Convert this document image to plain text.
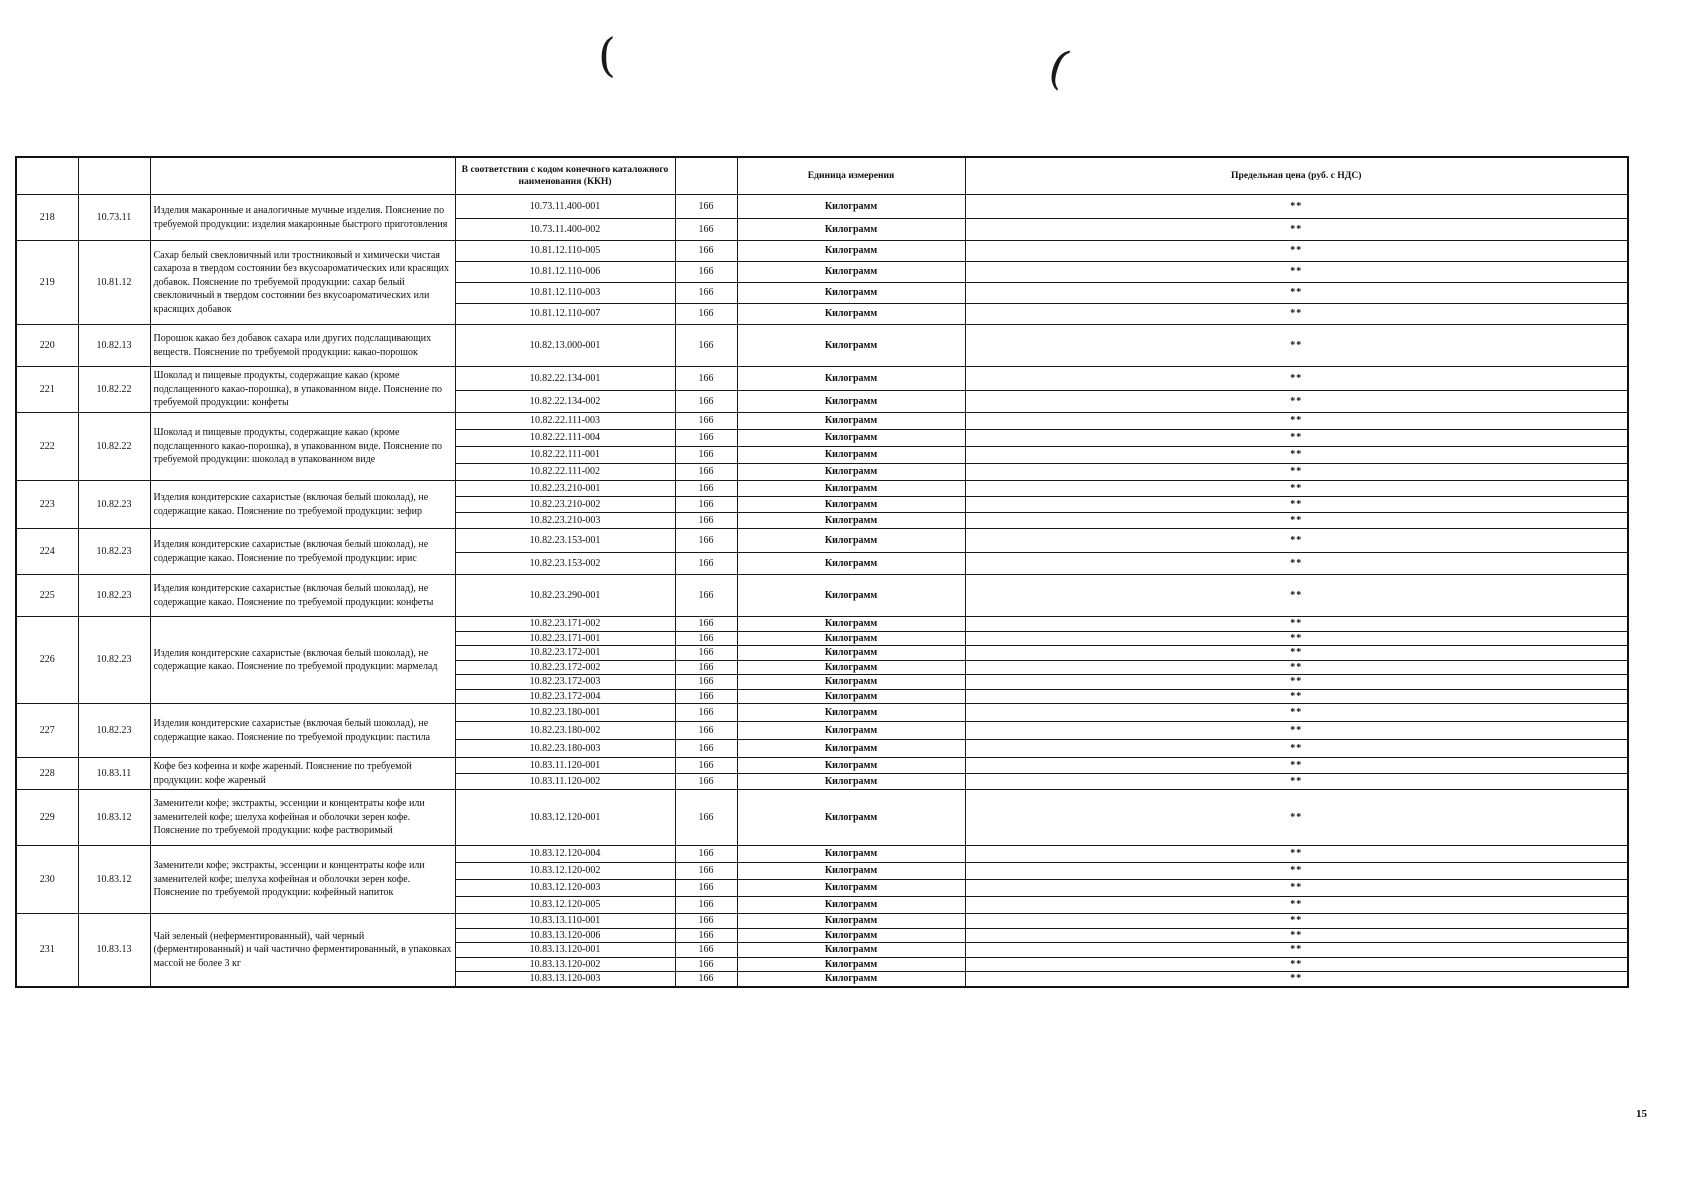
(	(
			В соответствии с кодом конечного каталожного наименования (ККН)		Единица измерения	Предельная цена (руб. с НДС)
218	10.73.11	Изделия макаронные и аналогичные мучные изделия. Пояснение по требуемой продукции: изделия макаронные быстрого приготовления	10.73.11.400-001	166	Килограмм	**
			10.73.11.400-002	166	Килограмм	**
219	10.81.12	Сахар белый свекловичный или тростниковый и химически чистая сахароза в твердом состоянии без вкусоароматических или красящих добавок. Пояснение по требуемой продукции: сахар белый свекловичный в твердом состоянии без вкусоароматических или красящих добавок	10.81.12.110-005	166	Килограмм	**
			10.81.12.110-006	166	Килограмм	**
			10.81.12.110-003	166	Килограмм	**
			10.81.12.110-007	166	Килограмм	**
220	10.82.13	Порошок какао без добавок сахара или других подслащивающих веществ. Пояснение по требуемой продукции: какао-порошок	10.82.13.000-001	166	Килограмм	**
221	10.82.22	Шоколад и пищевые продукты, содержащие какао (кроме подслащенного какао-порошка), в упакованном виде. Пояснение по требуемой продукции: конфеты	10.82.22.134-001	166	Килограмм	**
			10.82.22.134-002	166	Килограмм	**
222	10.82.22	Шоколад и пищевые продукты, содержащие какао (кроме подслащенного какао-порошка), в упакованном виде. Пояснение по требуемой продукции: шоколад в упакованном виде	10.82.22.111-003	166	Килограмм	**
			10.82.22.111-004	166	Килограмм	**
			10.82.22.111-001	166	Килограмм	**
			10.82.22.111-002	166	Килограмм	**
223	10.82.23	Изделия кондитерские сахаристые (включая белый шоколад), не содержащие какао. Пояснение по требуемой продукции: зефир	10.82.23.210-001	166	Килограмм	**
			10.82.23.210-002	166	Килограмм	**
			10.82.23.210-003	166	Килограмм	**
224	10.82.23	Изделия кондитерские сахаристые (включая белый шоколад), не содержащие какао. Пояснение по требуемой продукции: ирис	10.82.23.153-001	166	Килограмм	**
			10.82.23.153-002	166	Килограмм	**
225	10.82.23	Изделия кондитерские сахаристые (включая белый шоколад), не содержащие какао. Пояснение по требуемой продукции: конфеты	10.82.23.290-001	166	Килограмм	**
226	10.82.23	Изделия кондитерские сахаристые (включая белый шоколад), не содержащие какао. Пояснение по требуемой продукции: мармелад	10.82.23.171-002	166	Килограмм	**
			10.82.23.171-001	166	Килограмм	**
			10.82.23.172-001	166	Килограмм	**
			10.82.23.172-002	166	Килограмм	**
			10.82.23.172-003	166	Килограмм	**
			10.82.23.172-004	166	Килограмм	**
227	10.82.23	Изделия кондитерские сахаристые (включая белый шоколад), не содержащие какао. Пояснение по требуемой продукции: пастила	10.82.23.180-001	166	Килограмм	**
			10.82.23.180-002	166	Килограмм	**
			10.82.23.180-003	166	Килограмм	**
228	10.83.11	Кофе без кофеина и кофе жареный. Пояснение по требуемой продукции: кофе жареный	10.83.11.120-001	166	Килограмм	**
			10.83.11.120-002	166	Килограмм	**
229	10.83.12	Заменители кофе; экстракты, эссенции и концентраты кофе или заменителей кофе; шелуха кофейная и оболочки зерен кофе. Пояснение по требуемой продукции: кофе растворимый	10.83.12.120-001	166	Килограмм	**
230	10.83.12	Заменители кофе; экстракты, эссенции и концентраты кофе или заменителей кофе; шелуха кофейная и оболочки зерен кофе. Пояснение по требуемой продукции: кофейный напиток	10.83.12.120-004	166	Килограмм	**
			10.83.12.120-002	166	Килограмм	**
			10.83.12.120-003	166	Килограмм	**
			10.83.12.120-005	166	Килограмм	**
231	10.83.13	Чай зеленый (неферментированный), чай черный (ферментированный) и чай частично ферментированный, в упаковках массой не более 3 кг	10.83.13.110-001	166	Килограмм	**
			10.83.13.120-006	166	Килограмм	**
			10.83.13.120-001	166	Килограмм	**
			10.83.13.120-002	166	Килограмм	**
			10.83.13.120-003	166	Килограмм	**
15
